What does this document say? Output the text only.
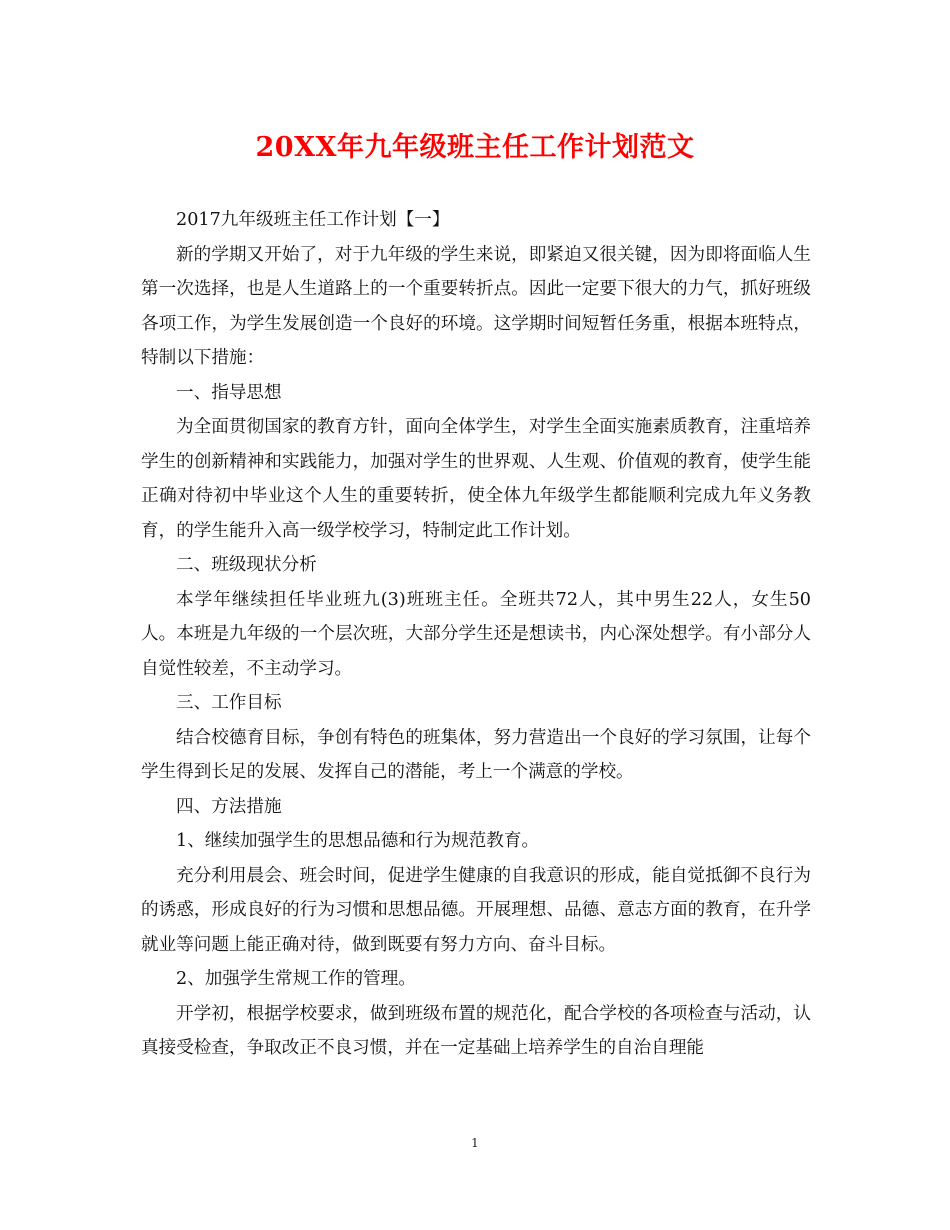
20XX年九年级班主任工作计划范文

2017九年级班主任工作计划【一】

新的学期又开始了，对于九年级的学生来说，即紧迫又很关键，因为即将面临人生第一次选择，也是人生道路上的一个重要转折点。因此一定要下很大的力气，抓好班级各项工作，为学生发展创造一个良好的环境。这学期时间短暂任务重，根据本班特点，特制以下措施：

一、指导思想

为全面贯彻国家的教育方针，面向全体学生，对学生全面实施素质教育，注重培养学生的创新精神和实践能力，加强对学生的世界观、人生观、价值观的教育，使学生能正确对待初中毕业这个人生的重要转折，使全体九年级学生都能顺利完成九年义务教育，的学生能升入高一级学校学习，特制定此工作计划。

二、班级现状分析

本学年继续担任毕业班九(3)班班主任。全班共72人，其中男生22人，女生50人。本班是九年级的一个层次班，大部分学生还是想读书，内心深处想学。有小部分人自觉性较差，不主动学习。

三、工作目标

结合校德育目标，争创有特色的班集体，努力营造出一个良好的学习氛围，让每个学生得到长足的发展、发挥自己的潜能，考上一个满意的学校。

四、方法措施

1、继续加强学生的思想品德和行为规范教育。

充分利用晨会、班会时间，促进学生健康的自我意识的形成，能自觉抵御不良行为的诱惑，形成良好的行为习惯和思想品德。开展理想、品德、意志方面的教育，在升学就业等问题上能正确对待，做到既要有努力方向、奋斗目标。

2、加强学生常规工作的管理。

开学初，根据学校要求，做到班级布置的规范化，配合学校的各项检查与活动，认真接受检查，争取改正不良习惯，并在一定基础上培养学生的自治自理能

1
